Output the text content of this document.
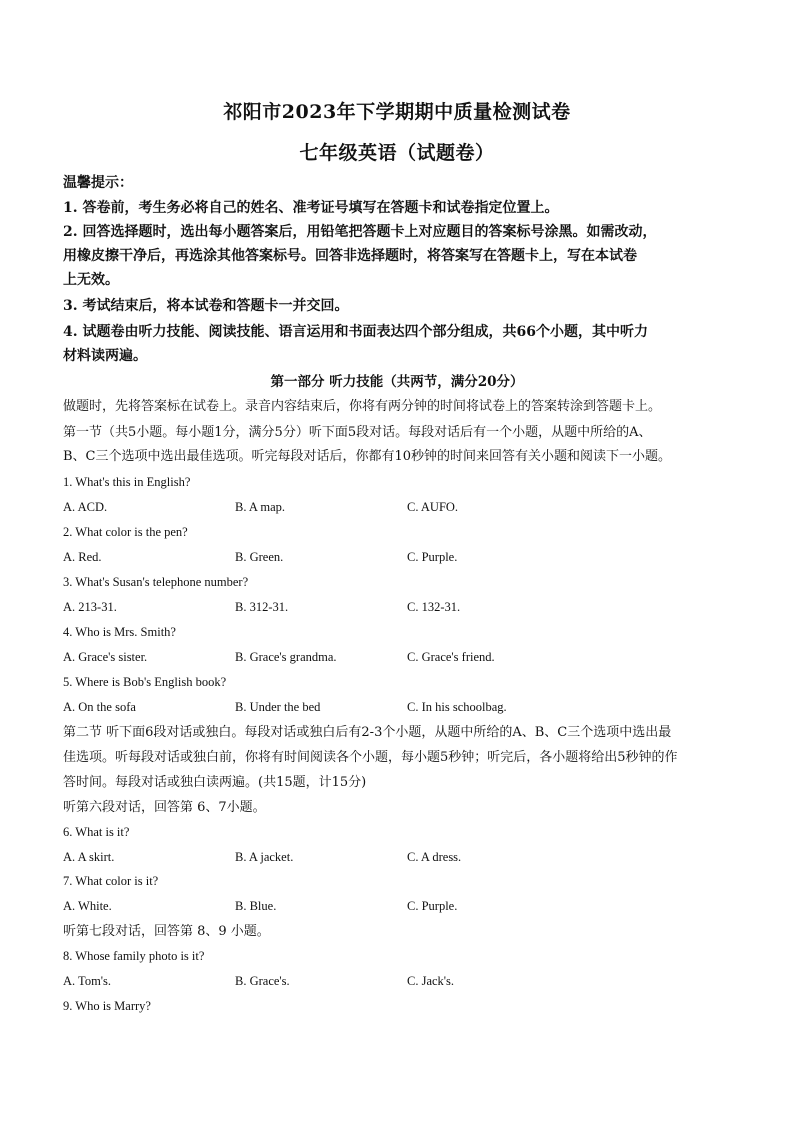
祁阳市2023年下学期期中质量检测试卷
七年级英语（试题卷）
温馨提示：
1. 答卷前，考生务必将自己的姓名、准考证号填写在答题卡和试卷指定位置上。
2. 回答选择题时，选出每小题答案后，用铅笔把答题卡上对应题目的答案标号涂黑。如需改动，
用橡皮擦干净后，再选涂其他答案标号。回答非选择题时，将答案写在答题卡上，写在本试卷
上无效。
3. 考试结束后，将本试卷和答题卡一并交回。
4. 试题卷由听力技能、阅读技能、语言运用和书面表达四个部分组成，共66个小题，其中听力
材料读两遍。
第一部分 听力技能（共两节，满分20分）
做题时，先将答案标在试卷上。录音内容结束后，你将有两分钟的时间将试卷上的答案转涂到答题卡上。
第一节（共5小题。每小题1分，满分5分）听下面5段对话。每段对话后有一个小题，从题中所给的A、
B、C三个选项中选出最佳选项。听完每段对话后，你都有10秒钟的时间来回答有关小题和阅读下一小题。
1. What's this in English?
A. ACD.	B. A map.	C. AUFO.
2. What color is the pen?
A. Red.	B. Green.	C. Purple.
3. What's Susan's telephone number?
A. 213-31.	B. 312-31.	C. 132-31.
4. Who is Mrs. Smith?
A. Grace's sister.	B. Grace's grandma.	C. Grace's friend.
5. Where is Bob's English book?
A. On the sofa	B. Under the bed	C. In his schoolbag.
第二节 听下面6段对话或独白。每段对话或独白后有2-3个小题，从题中所给的A、B、C三个选项中选出最
佳选项。听每段对话或独白前，你将有时间阅读各个小题，每小题5秒钟；听完后，各小题将给出5秒钟的作
答时间。每段对话或独白读两遍。(共15题，计15分)
听第六段对话，回答第 6、7小题。
6. What is it?
A. A skirt.	B. A jacket.	C. A dress.
7. What color is it?
A. White.	B. Blue.	C. Purple.
听第七段对话，回答第 8、9 小题。
8. Whose family photo is it?
A. Tom's.	B. Grace's.	C. Jack's.
9. Who is Marry?
